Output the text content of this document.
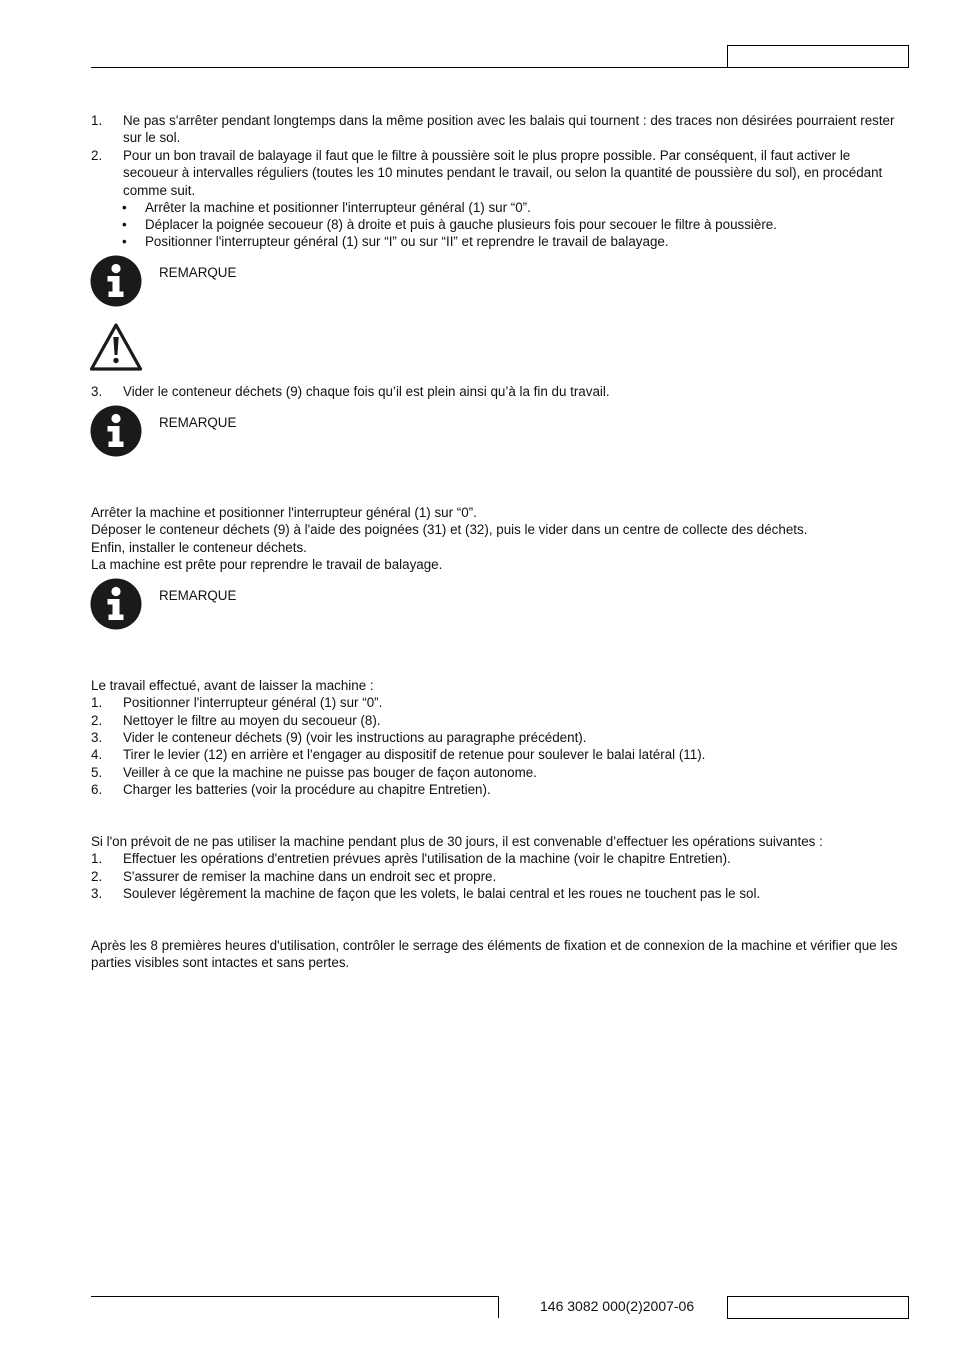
1. Ne pas s'arrêter pendant longtemps dans la même position avec les balais qui tournent : des traces non désirées pourraient rester sur le sol.
2. Pour un bon travail de balayage il faut que le filtre à poussière soit le plus propre possible. Par conséquent, il faut activer le secoueur à intervalles réguliers (toutes les 10 minutes pendant le travail, ou selon la quantité de poussière du sol), en procédant comme suit.
• Arrêter la machine et positionner l'interrupteur général (1) sur “0”.
• Déplacer la poignée secoueur (8) à droite et puis à gauche plusieurs fois pour secouer le filtre à poussière.
• Positionner l'interrupteur général (1) sur “I” ou sur “II” et reprendre le travail de balayage.
REMARQUE
3. Vider le conteneur déchets (9) chaque fois qu’il est plein ainsi qu’à la fin du travail.
REMARQUE
Arrêter la machine et positionner l'interrupteur général (1) sur “0”.
Déposer le conteneur déchets (9) à l'aide des poignées (31) et (32), puis le vider dans un centre de collecte des déchets.
Enfin, installer le conteneur déchets.
La machine est prête pour reprendre le travail de balayage.
REMARQUE
Le travail effectué, avant de laisser la machine :
1. Positionner l'interrupteur général (1) sur “0”.
2. Nettoyer le filtre au moyen du secoueur (8).
3. Vider le conteneur déchets (9) (voir les instructions au paragraphe précédent).
4. Tirer le levier (12) en arrière et l'engager au dispositif de retenue pour soulever le balai latéral (11).
5. Veiller à ce que la machine ne puisse pas bouger de façon autonome.
6. Charger les batteries (voir la procédure au chapitre Entretien).
Si l'on prévoit de ne pas utiliser la machine pendant plus de 30 jours, il est convenable d’effectuer les opérations suivantes :
1. Effectuer les opérations d'entretien prévues après l'utilisation de la machine (voir le chapitre Entretien).
2. S'assurer de remiser la machine dans un endroit sec et propre.
3. Soulever légèrement la machine de façon que les volets, le balai central et les roues ne touchent pas le sol.
Après les 8 premières heures d'utilisation, contrôler le serrage des éléments de fixation et de connexion de la machine et vérifier que les parties visibles sont intactes et sans pertes.
146 3082 000(2)2007-06
